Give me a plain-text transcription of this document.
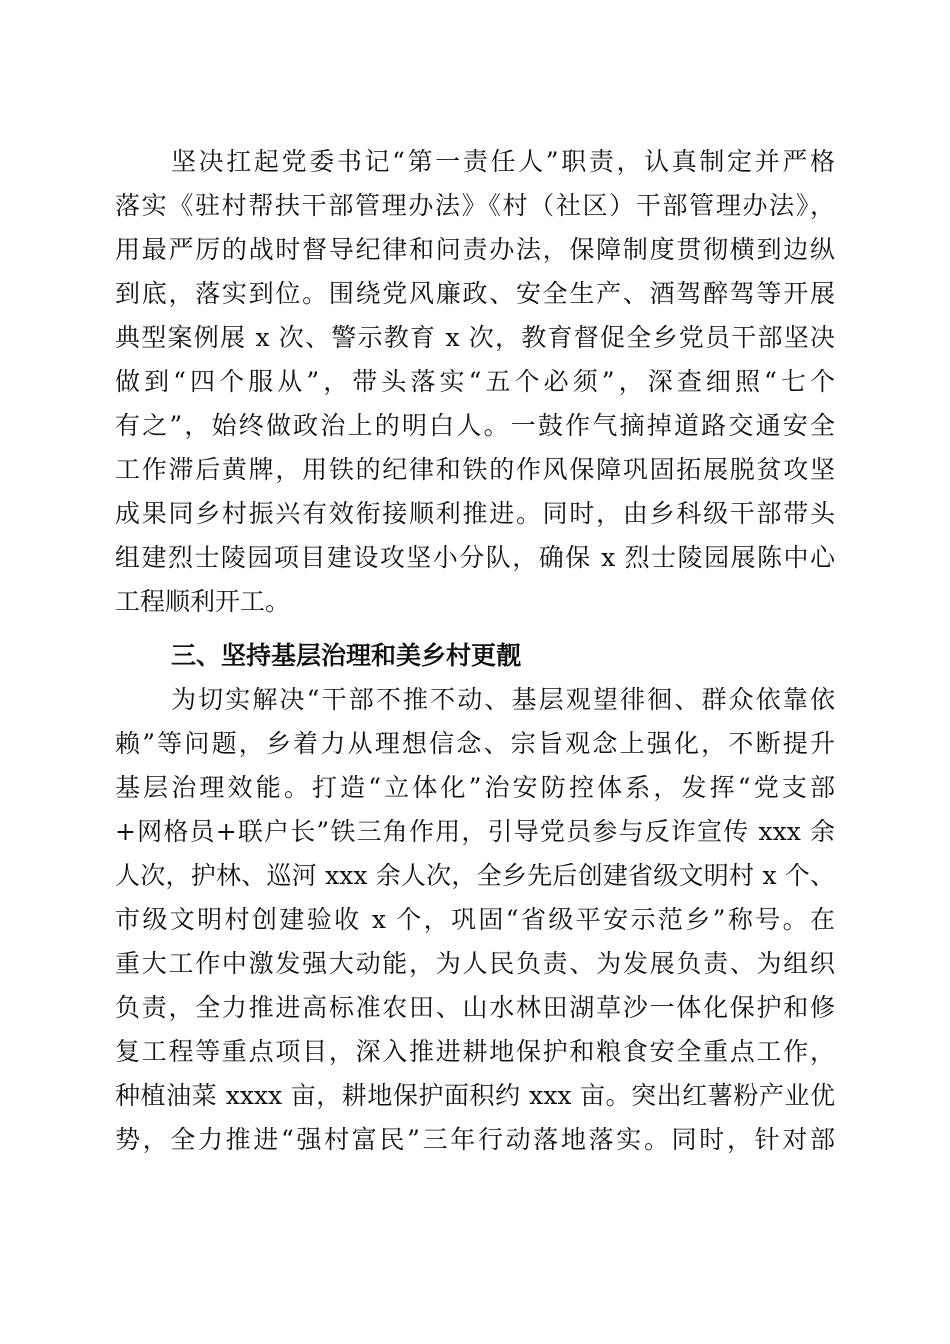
坚决扛起党委书记“第一责任人”职责，认真制定并严格
落实《驻村帮扶干部管理办法》《村（社区）干部管理办法》，
用最严厉的战时督导纪律和问责办法，保障制度贯彻横到边纵
到底，落实到位。围绕党风廉政、安全生产、酒驾醉驾等开展
典型案例展 x 次、警示教育 x 次，教育督促全乡党员干部坚决
做到“四个服从”，带头落实“五个必须”，深查细照“七个
有之”，始终做政治上的明白人。一鼓作气摘掉道路交通安全
工作滞后黄牌，用铁的纪律和铁的作风保障巩固拓展脱贫攻坚
成果同乡村振兴有效衔接顺利推进。同时，由乡科级干部带头
组建烈士陵园项目建设攻坚小分队，确保 x 烈士陵园展陈中心
工程顺利开工。
三、坚持基层治理和美乡村更靓
为切实解决“干部不推不动、基层观望徘徊、群众依靠依
赖”等问题，乡着力从理想信念、宗旨观念上强化，不断提升
基层治理效能。打造“立体化”治安防控体系，发挥“党支部
+网格员+联户长”铁三角作用，引导党员参与反诈宣传 xxx 余
人次，护林、巡河 xxx 余人次，全乡先后创建省级文明村 x 个、
市级文明村创建验收 x 个，巩固“省级平安示范乡”称号。在
重大工作中激发强大动能，为人民负责、为发展负责、为组织
负责，全力推进高标准农田、山水林田湖草沙一体化保护和修
复工程等重点项目，深入推进耕地保护和粮食安全重点工作，
种植油菜 xxxx 亩，耕地保护面积约 xxx 亩。突出红薯粉产业优
势，全力推进“强村富民”三年行动落地落实。同时，针对部
